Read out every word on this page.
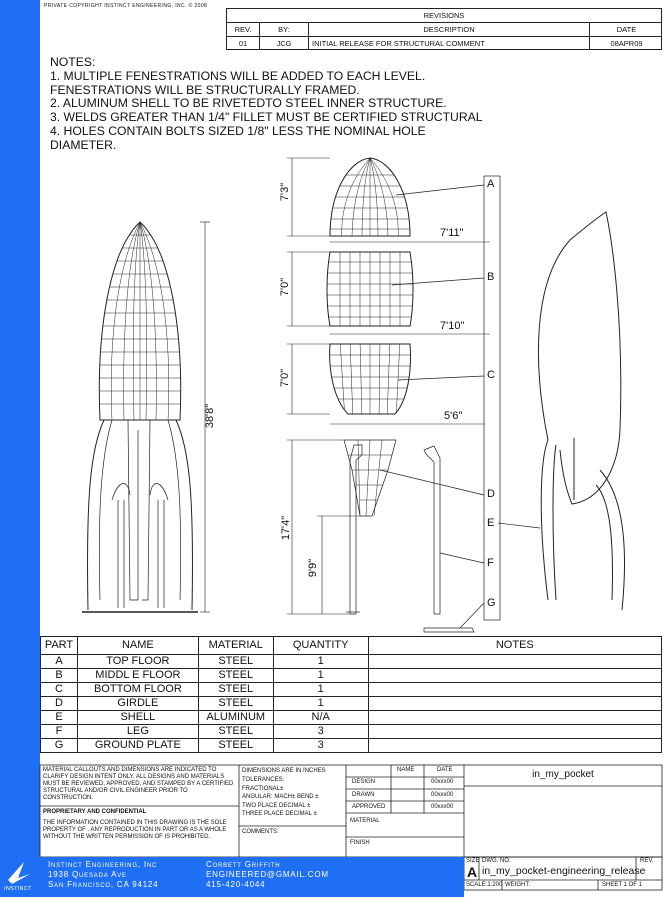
PRIVATE COPYRIGHT INSTINCT ENGINEERING, INC. © 2008
REVISIONS
REV.	BY:	DESCRIPTION	DATE
01	JCG	INITIAL RELEASE FOR STRUCTURAL COMMENT	08APR09
NOTES:
1. MULTIPLE FENESTRATIONS WILL BE ADDED TO EACH LEVEL.
FENESTRATIONS WILL BE STRUCTURALLY FRAMED.
2. ALUMINUM SHELL TO BE RIVETEDTO STEEL INNER STRUCTURE.
3. WELDS GREATER THAN 1/4" FILLET MUST BE CERTIFIED STRUCTURAL
4. HOLES CONTAIN BOLTS SIZED 1/8" LESS THE NOMINAL HOLE
DIAMETER.
38'8"
7'3"
7'11"
7'0"
7'10"
7'0"
5'6"
17'4"
9'9"
A
B
C
D
E
F
G
PART	NAME	MATERIAL	QUANTITY	NOTES
A	TOP FLOOR	STEEL	1	
B	MIDDL E FLOOR	STEEL	1	
C	BOTTOM FLOOR	STEEL	1	
D	GIRDLE	STEEL	1	
E	SHELL	ALUMINUM	N/A	
F	LEG	STEEL	3	
G	GROUND PLATE	STEEL	3	
MATERIAL CALLOUTS AND DIMENSIONS ARE INDICATED TO CLARIFY DESIGN INTENT ONLY. ALL DESIGNS AND MATERIALS MUST BE REVIEWED, APPROVED, AND STAMPED BY A CERTIFIED STRUCTURAL AND/OR CIVIL ENGINEER PRIOR TO CONSTRUCTION.
PROPRIETARY AND CONFIDENTIAL
THE INFORMATION CONTAINED IN THIS DRAWING IS THE SOLE PROPERTY OF . ANY REPRODUCTION IN PART OR AS A WHOLE WITHOUT THE WRITTEN PERMISSION OF IS PROHIBITED.
DIMENSIONS ARE IN INCHES
TOLERANCES:
FRACTIONAL±
ANGULAR: MACH± BEND ±
TWO PLACE DECIMAL ±
THREE PLACE DECIMAL ±
COMMENTS:
NAME	DATE
DESIGN	00xxx00
DRAWN	00xxx00
APPROVED	00xxx00
MATERIAL
FINISH
in_my_pocket
SIZE
A
DWG. NO.
in_my_pocket-engineering_release
REV.
SCALE:1:200 WEIGHT:	SHEET 1 OF 1
Instinct Engineering, Inc
1938 Quesada Ave
San Francisco, CA 94124
Corbett Griffith
ENGINEERED@GMAIL.COM
415-420-4044
INSTINCT
